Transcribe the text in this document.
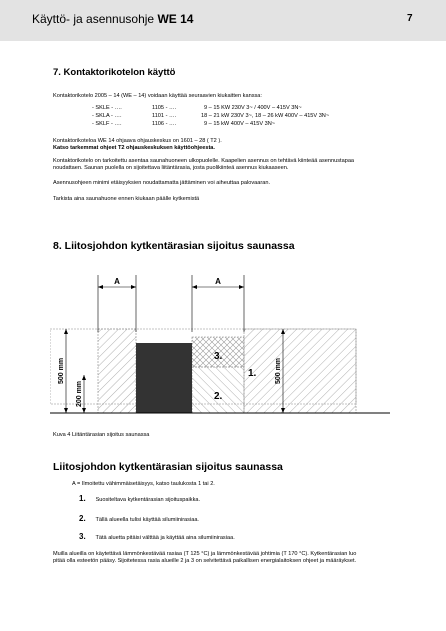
Käyttö- ja asennusohje WE 14	7
7. Kontaktorikotelon käyttö
Kontaktorikotelo 2005 – 14 (WE – 14) voidaan käyttää seuraavien kiukaitten kanssa:
- SKLE - ….	1105 - ….	9 – 15 KW 230V 3~ / 400V – 415V 3N~
- SKLA - ….	1101 - ….	18 – 21 kW 230V 3~, 18 – 26 kW 400V – 415V 3N~
- SKLF - ….	1106 - ….	9 – 15 kW 400V – 415V 3N~
Kontaktorikoteloa WE 14 ohjaava ohjauskeskus on 1601 – 28 ( T2 ).
Katso tarkemmat ohjeet T2 ohjauskeskuksen käyttöohjeesta.
Kontaktorikotelo on tarkoitettu asentaa saunahuoneen ulkopuolelle. Kaapelien asennus on tehtävä kiinteää asennustapaa
noudattaen. Saunan puolella on sijoitettava liitäntärasia, josta puolikiinteä asennus kiukaaseen.
Asennusohjeen minimi etäisyyksien noudattamatta jättäminen voi aiheuttaa palovaaran.
Tarkista aina saunahuone ennen kiukaan päälle kytkemistä
8. Liitosjohdon kytkentärasian sijoitus saunassa
A	A
500 mm
200 mm
500 mm
3.
1.
2.
Kuva 4 Liitäntärasian sijoitus saunassa
Liitosjohdon kytkentärasian sijoitus saunassa
A = Ilmoitettu vähimmäisetäisyys, katso taulukosta 1 tai 2.
1. Suositeltava kytkentärasian sijoituspaikka.
2. Tällä alueella tulisi käyttää silumiinirasiaa.
3. Tätä aluetta pitäisi välttää ja käyttää aina silumiinirasiaa.
Muilla alueilla on käytettävä lämmönkestävää rasiaa (T 125 °C) ja lämmönkestävää johtimia (T 170 °C). Kytkentärasian luo
pitää olla esteetön pääsy. Sijoitetessa rasia alueille 2 ja 3 on selvitettävä paikallisen energialaitoksen ohjeet ja määräykset.
